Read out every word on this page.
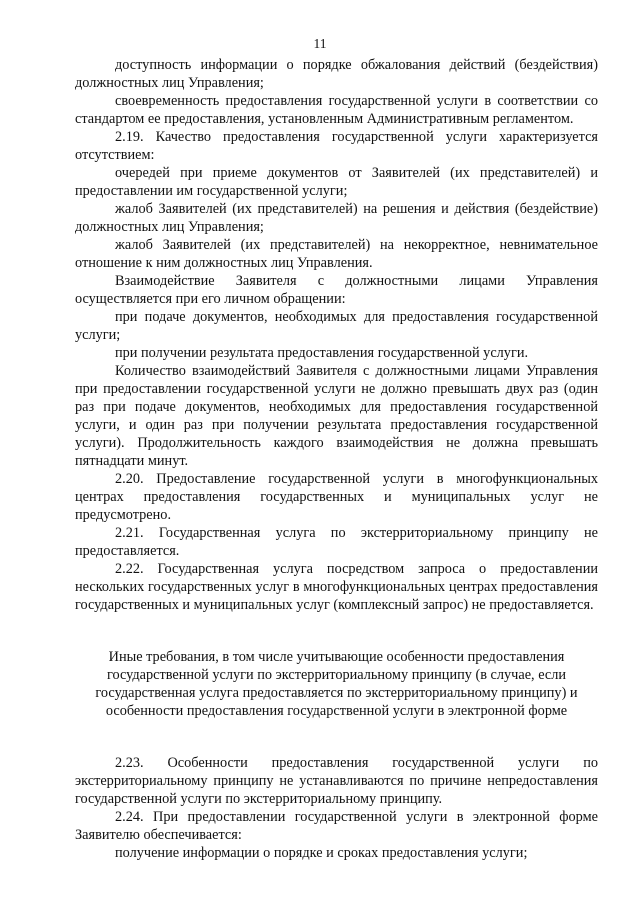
11

доступность информации о порядке обжалования действий (бездействия) должностных лиц Управления;

своевременность предоставления государственной услуги в соответствии со стандартом ее предоставления, установленным Административным регламентом.

2.19. Качество предоставления государственной услуги характеризуется отсутствием:

очередей при приеме документов от Заявителей (их представителей) и предоставлении им государственной услуги;

жалоб Заявителей (их представителей) на решения и действия (бездействие) должностных лиц Управления;

жалоб Заявителей (их представителей) на некорректное, невнимательное отношение к ним должностных лиц Управления.

Взаимодействие Заявителя с должностными лицами Управления осуществляется при его личном обращении:

при подаче документов, необходимых для предоставления государственной услуги;

при получении результата предоставления государственной услуги.

Количество взаимодействий Заявителя с должностными лицами Управления при предоставлении государственной услуги не должно превышать двух раз (один раз при подаче документов, необходимых для предоставления государственной услуги, и один раз при получении результата предоставления государственной услуги). Продолжительность каждого взаимодействия не должна превышать пятнадцати минут.

2.20. Предоставление государственной услуги в многофункциональных центрах предоставления государственных и муниципальных услуг не предусмотрено.

2.21. Государственная услуга по экстерриториальному принципу не предоставляется.

2.22. Государственная услуга посредством запроса о предоставлении нескольких государственных услуг в многофункциональных центрах предоставления государственных и муниципальных услуг (комплексный запрос) не предоставляется.

Иные требования, в том числе учитывающие особенности предоставления государственной услуги по экстерриториальному принципу (в случае, если государственная услуга предоставляется по экстерриториальному принципу) и особенности предоставления государственной услуги в электронной форме

2.23. Особенности предоставления государственной услуги по экстерриториальному принципу не устанавливаются по причине непредоставления государственной услуги по экстерриториальному принципу.

2.24. При предоставлении государственной услуги в электронной форме Заявителю обеспечивается:

получение информации о порядке и сроках предоставления услуги;
